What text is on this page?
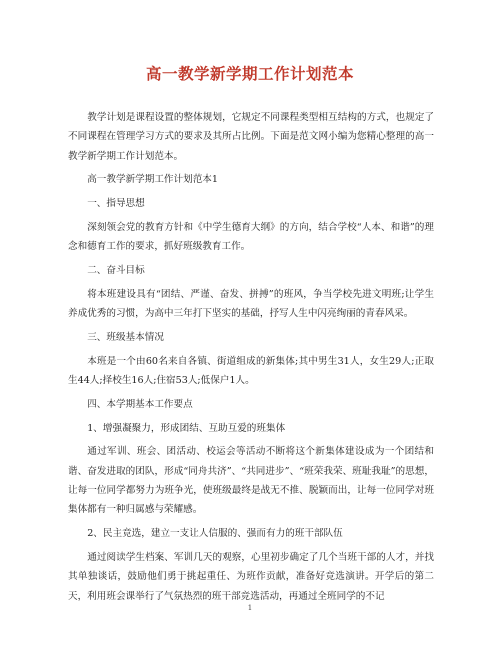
高一教学新学期工作计划范本

教学计划是课程设置的整体规划，它规定不同课程类型相互结构的方式，也规定了不同课程在管理学习方式的要求及其所占比例。下面是范文网小编为您精心整理的高一教学新学期工作计划范本。

高一教学新学期工作计划范本1

一、指导思想

深刻领会党的教育方针和《中学生德育大纲》的方向，结合学校“人本、和谐”的理念和德育工作的要求，抓好班级教育工作。

二、奋斗目标

将本班建设具有“团结、严谨、奋发、拼搏”的班风，争当学校先进文明班;让学生养成优秀的习惯，为高中三年打下坚实的基础，抒写人生中闪亮绚丽的青春风采。

三、班级基本情况

本班是一个由60名来自各镇、街道组成的新集体;其中男生31人，女生29人;正取生44人;择校生16人;住宿53人;低保户1人。

四、本学期基本工作要点

1、增强凝聚力，形成团结、互助互爱的班集体

通过军训、班会、团活动、校运会等活动不断将这个新集体建设成为一个团结和谐、奋发进取的团队，形成“同舟共济”、“共同进步”、“班荣我荣、班耻我耻”的思想，让每一位同学都努力为班争光，使班级最终是战无不推、脱颖而出，让每一位同学对班集体都有一种归属感与荣耀感。

2、民主竞选，建立一支让人信服的、强而有力的班干部队伍

通过阅读学生档案、军训几天的观察，心里初步确定了几个当班干部的人才，并找其单独谈话，鼓励他们勇于挑起重任、为班作贡献，准备好竞选演讲。开学后的第二天，利用班会课举行了气氛热烈的班干部竞选活动，再通过全班同学的不记

1
